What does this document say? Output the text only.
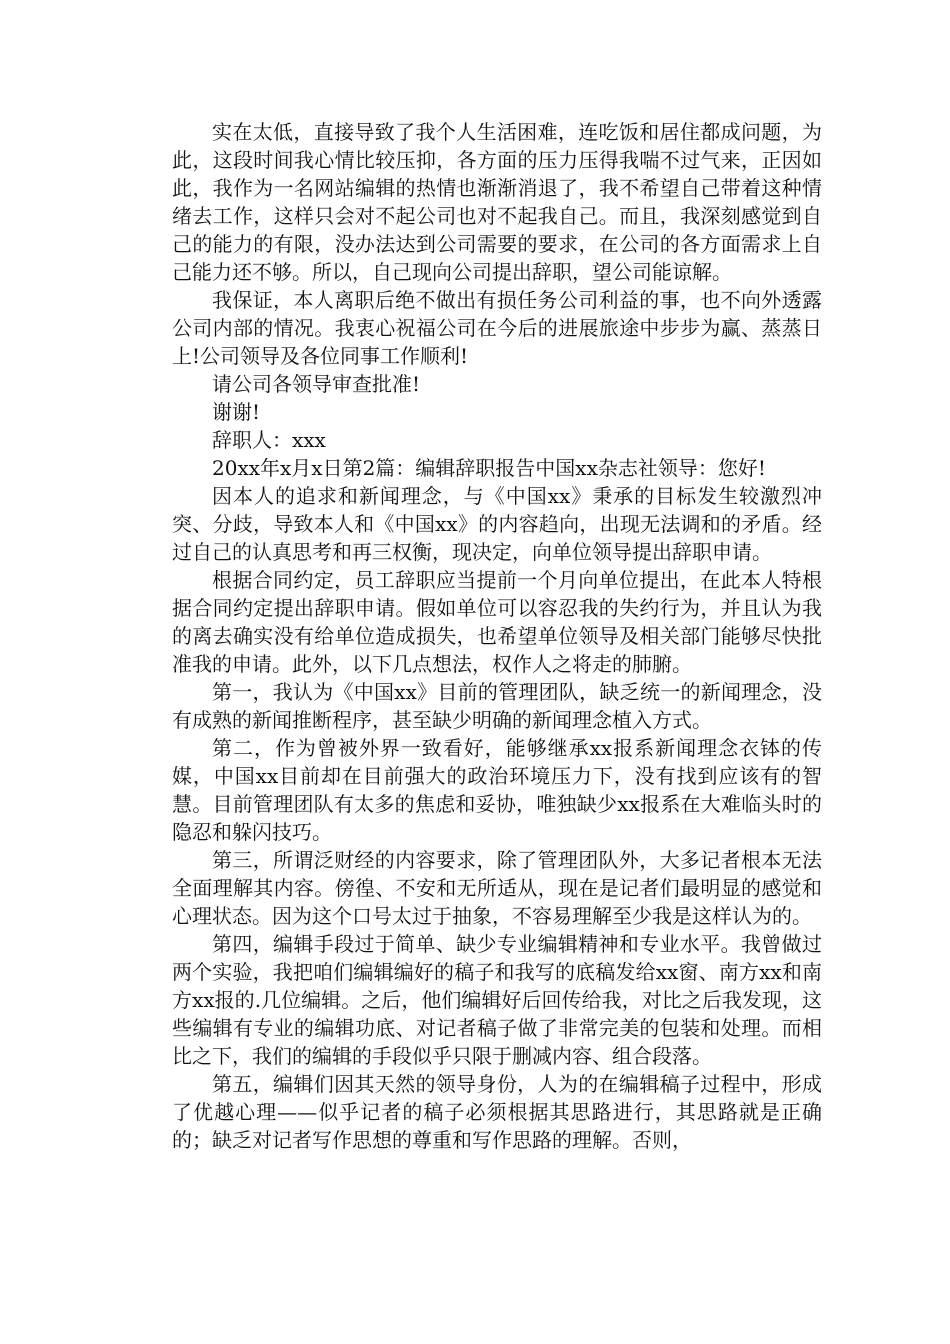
实在太低，直接导致了我个人生活困难，连吃饭和居住都成问题，为此，这段时间我心情比较压抑，各方面的压力压得我喘不过气来，正因如此，我作为一名网站编辑的热情也渐渐消退了，我不希望自己带着这种情绪去工作，这样只会对不起公司也对不起我自己。而且，我深刻感觉到自己的能力的有限，没办法达到公司需要的要求，在公司的各方面需求上自己能力还不够。所以，自己现向公司提出辞职，望公司能谅解。

我保证，本人离职后绝不做出有损任务公司利益的事，也不向外透露公司内部的情况。我衷心祝福公司在今后的进展旅途中步步为赢、蒸蒸日上!公司领导及各位同事工作顺利!

请公司各领导审查批准!

谢谢!

辞职人：xxx

20xx年x月x日第2篇：编辑辞职报告中国xx杂志社领导：您好!

因本人的追求和新闻理念，与《中国xx》秉承的目标发生较激烈冲突、分歧，导致本人和《中国xx》的内容趋向，出现无法调和的矛盾。经过自己的认真思考和再三权衡，现决定，向单位领导提出辞职申请。

根据合同约定，员工辞职应当提前一个月向单位提出，在此本人特根据合同约定提出辞职申请。假如单位可以容忍我的失约行为，并且认为我的离去确实没有给单位造成损失，也希望单位领导及相关部门能够尽快批准我的申请。此外，以下几点想法，权作人之将走的肺腑。

第一，我认为《中国xx》目前的管理团队，缺乏统一的新闻理念，没有成熟的新闻推断程序，甚至缺少明确的新闻理念植入方式。

第二，作为曾被外界一致看好，能够继承xx报系新闻理念衣钵的传媒，中国xx目前却在目前强大的政治环境压力下，没有找到应该有的智慧。目前管理团队有太多的焦虑和妥协，唯独缺少xx报系在大难临头时的隐忍和躲闪技巧。

第三，所谓泛财经的内容要求，除了管理团队外，大多记者根本无法全面理解其内容。傍徨、不安和无所适从，现在是记者们最明显的感觉和心理状态。因为这个口号太过于抽象，不容易理解至少我是这样认为的。

第四，编辑手段过于简单、缺少专业编辑精神和专业水平。我曾做过两个实验，我把咱们编辑编好的稿子和我写的底稿发给xx窗、南方xx和南方xx报的.几位编辑。之后，他们编辑好后回传给我，对比之后我发现，这些编辑有专业的编辑功底、对记者稿子做了非常完美的包装和处理。而相比之下，我们的编辑的手段似乎只限于删减内容、组合段落。

第五，编辑们因其天然的领导身份，人为的在编辑稿子过程中，形成了优越心理——似乎记者的稿子必须根据其思路进行，其思路就是正确的；缺乏对记者写作思想的尊重和写作思路的理解。否则，
